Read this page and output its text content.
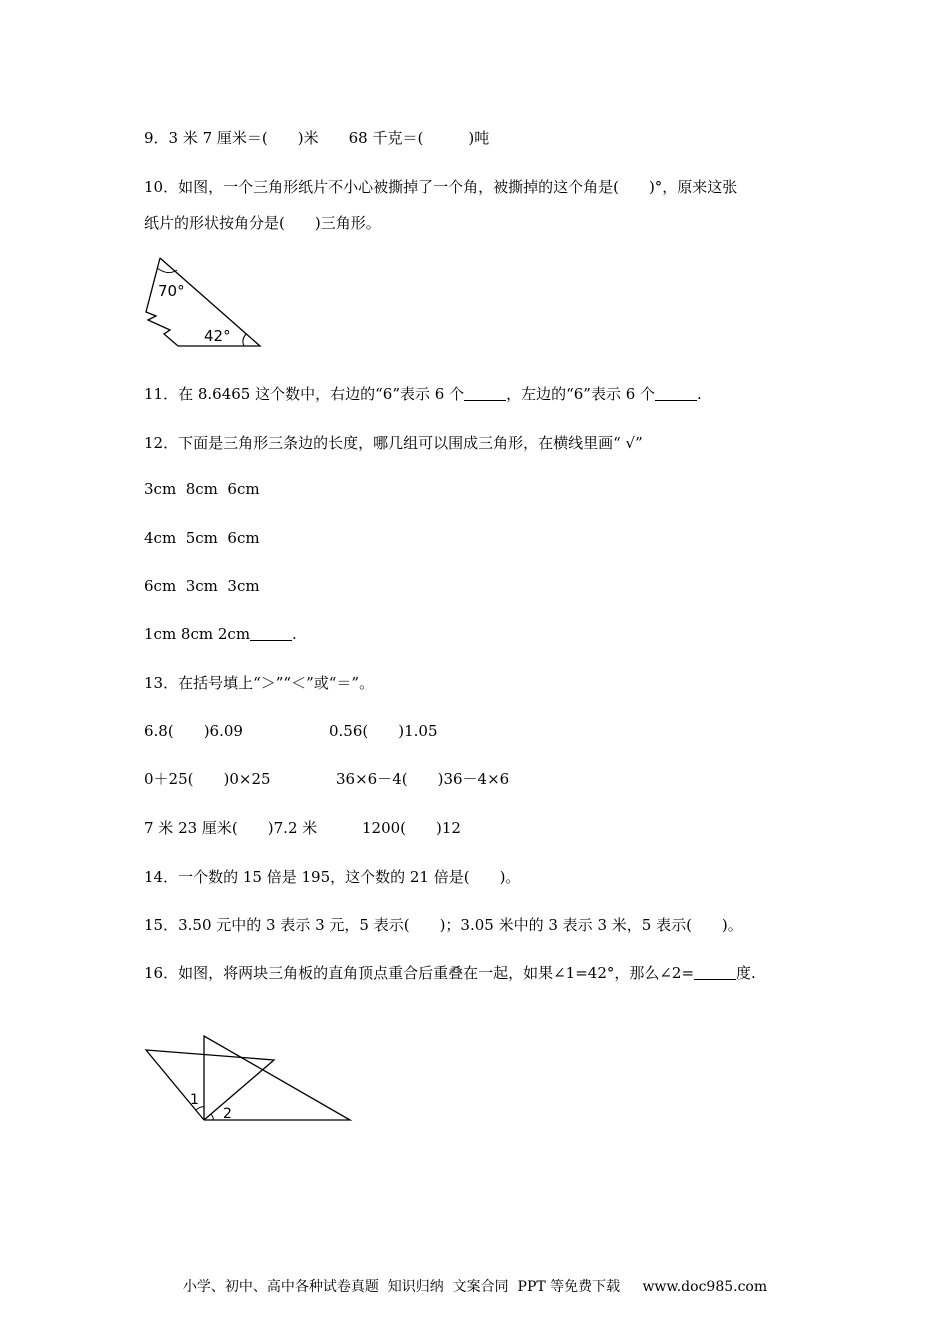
9．3 米 7 厘米＝(　　)米　　68 千克＝(　　　)吨
10．如图，一个三角形纸片不小心被撕掉了一个角，被撕掉的这个角是(　　)°，原来这张
纸片的形状按角分是(　　)三角形。
70°
42°
11．在 8.6465 这个数中，右边的“6”表示 6 个	，左边的“6”表示 6 个	.
12．下面是三角形三条边的长度，哪几组可以围成三角形，在横线里画“ √”
3cm  8cm  6cm
4cm  5cm  6cm
6cm  3cm  3cm
1cm 8cm 2cm	.
13．在括号填上“＞”“＜”或“＝”。
6.8(　　)6.09	0.56(　　)1.05
0＋25(　　)0×25	36×6－4(　　)36－4×6
7 米 23 厘米(　　)7.2 米	1200(　　)12
14．一个数的 15 倍是 195，这个数的 21 倍是(　　)。
15．3.50 元中的 3 表示 3 元，5 表示(　　)；3.05 米中的 3 表示 3 米，5 表示(　　)。
16．如图，将两块三角板的直角顶点重合后重叠在一起，如果∠1=42°，那么∠2=	度.
1
2
小学、初中、高中各种试卷真题  知识归纳  文案合同  PPT 等免费下载     www.doc985.com
